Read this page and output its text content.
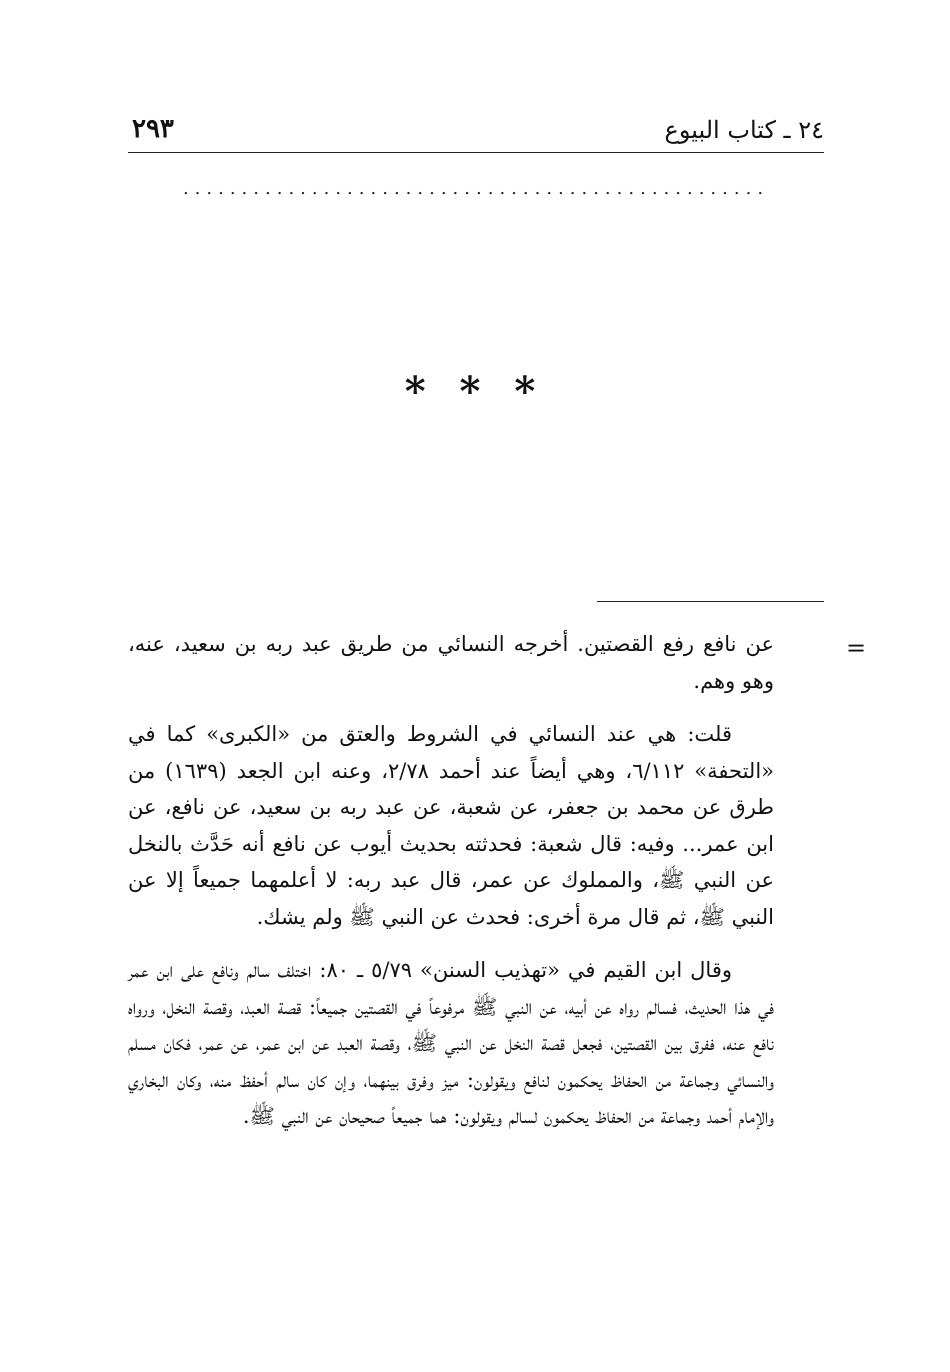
٢٤ ـ كتاب البيوع
٢٩٣
..................................................
* * *
=

عن نافع رفع القصتين. أخرجه النسائي من طريق عبد ربه بن سعيد، عنه، وهو وهم.

قلت: هي عند النسائي في الشروط والعتق من «الكبرى» كما في «التحفة» ٦/١١٢، وهي أيضاً عند أحمد ٢/٧٨، وعنه ابن الجعد (١٦٣٩) من طرق عن محمد بن جعفر، عن شعبة، عن عبد ربه بن سعيد، عن نافع، عن ابن عمر... وفيه: قال شعبة: فحدثته بحديث أيوب عن نافع أنه حَدَّث بالنخل عن النبي ﷺ، والمملوك عن عمر، قال عبد ربه: لا أعلمهما جميعاً إلا عن النبي ﷺ، ثم قال مرة أخرى: فحدث عن النبي ﷺ ولم يشك.

وقال ابن القيم في «تهذيب السنن» ٥/٧٩ ـ ٨٠: اختلف سالم ونافع على ابن عمر في هذا الحديث، فسالم رواه عن أبيه، عن النبي ﷺ مرفوعاً في القصتين جميعاً: قصة العبد، وقصة النخل، ورواه نافع عنه، ففرق بين القصتين، فجعل قصة النخل عن النبي ﷺ، وقصة العبد عن ابن عمر، عن عمر، فكان مسلم والنسائي وجماعة من الحفاظ يحكمون لنافع ويقولون: ميز وفرق بينهما، وإن كان سالم أحفظ منه، وكان البخاري والإمام أحمد وجماعة من الحفاظ يحكمون لسالم ويقولون: هما جميعاً صحيحان عن النبي ﷺ.
